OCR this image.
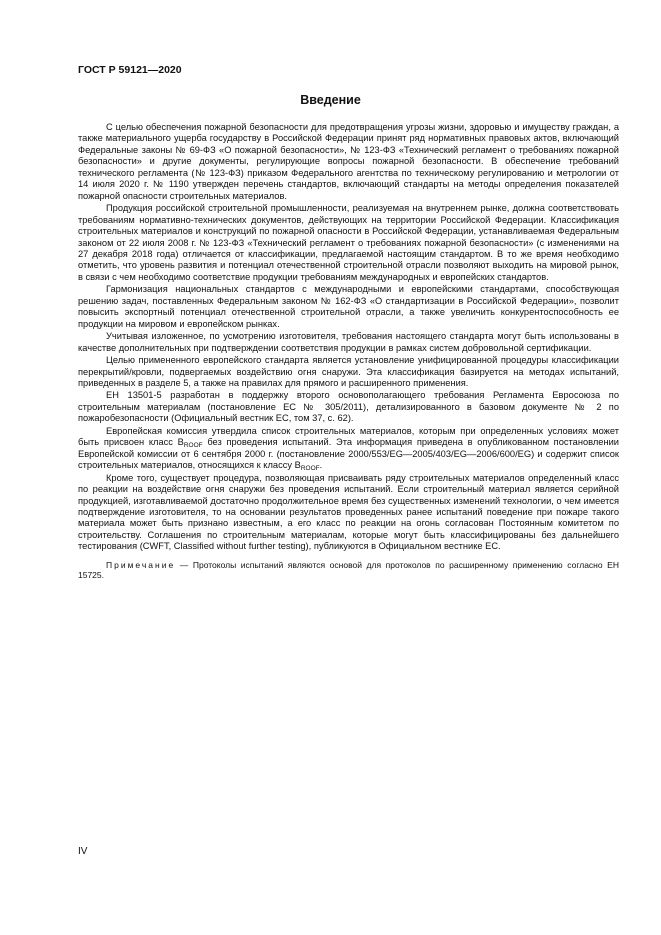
ГОСТ Р 59121—2020
Введение

С целью обеспечения пожарной безопасности для предотвращения угрозы жизни, здоровью и имуществу граждан, а также материального ущерба государству в Российской Федерации принят ряд нормативных правовых актов, включающий Федеральные законы № 69-ФЗ «О пожарной безопасности», № 123-ФЗ «Технический регламент о требованиях пожарной безопасности» и другие документы, регулирующие вопросы пожарной безопасности. В обеспечение требований технического регламента (№ 123-ФЗ) приказом Федерального агентства по техническому регулированию и метрологии от 14 июля 2020 г. № 1190 утвержден перечень стандартов, включающий стандарты на методы определения показателей пожарной опасности строительных материалов.

Продукция российской строительной промышленности, реализуемая на внутреннем рынке, должна соответствовать требованиям нормативно-технических документов, действующих на территории Российской Федерации. Классификация строительных материалов и конструкций по пожарной опасности в Российской Федерации, устанавливаемая Федеральным законом от 22 июля 2008 г. № 123-ФЗ «Технический регламент о требованиях пожарной безопасности» (с изменениями на 27 декабря 2018 года) отличается от классификации, предлагаемой настоящим стандартом. В то же время необходимо отметить, что уровень развития и потенциал отечественной строительной отрасли позволяют выходить на мировой рынок, в связи с чем необходимо соответствие продукции требованиям международных и европейских стандартов.

Гармонизация национальных стандартов с международными и европейскими стандартами, способствующая решению задач, поставленных Федеральным законом № 162-ФЗ «О стандартизации в Российской Федерации», позволит повысить экспортный потенциал отечественной строительной отрасли, а также увеличить конкурентоспособность ее продукции на мировом и европейском рынках.

Учитывая изложенное, по усмотрению изготовителя, требования настоящего стандарта могут быть использованы в качестве дополнительных при подтверждении соответствия продукции в рамках систем добровольной сертификации.

Целью примененного европейского стандарта является установление унифицированной процедуры классификации перекрытий/кровли, подвергаемых воздействию огня снаружи. Эта классификация базируется на методах испытаний, приведенных в разделе 5, а также на правилах для прямого и расширенного применения.

ЕН 13501-5 разработан в поддержку второго основополагающего требования Регламента Евросоюза по строительным материалам (постановление ЕС № 305/2011), детализированного в базовом документе № 2 по пожаробезопасности (Официальный вестник ЕС, том 37, с. 62).

Европейская комиссия утвердила список строительных материалов, которым при определенных условиях может быть присвоен класс $B_{ROOF}$ без проведения испытаний. Эта информация приведена в опубликованном постановлении Европейской комиссии от 6 сентября 2000 г. (постановление 2000/553/EG—2005/403/EG—2006/600/EG) и содержит список строительных материалов, относящихся к классу $B_{ROOF}$.

Кроме того, существует процедура, позволяющая присваивать ряду строительных материалов определенный класс по реакции на воздействие огня снаружи без проведения испытаний. Если строительный материал является серийной продукцией, изготавливаемой достаточно продолжительное время без существенных изменений технологии, о чем имеется подтверждение изготовителя, то на основании результатов проведенных ранее испытаний поведение при пожаре такого материала может быть признано известным, а его класс по реакции на огонь согласован Постоянным комитетом по строительству. Соглашения по строительным материалам, которые могут быть классифицированы без дальнейшего тестирования (CWFT, Classified without further testing), публикуются в Официальном вестнике ЕС.

Примечание — Протоколы испытаний являются основой для протоколов по расширенному применению согласно ЕН 15725.
IV
